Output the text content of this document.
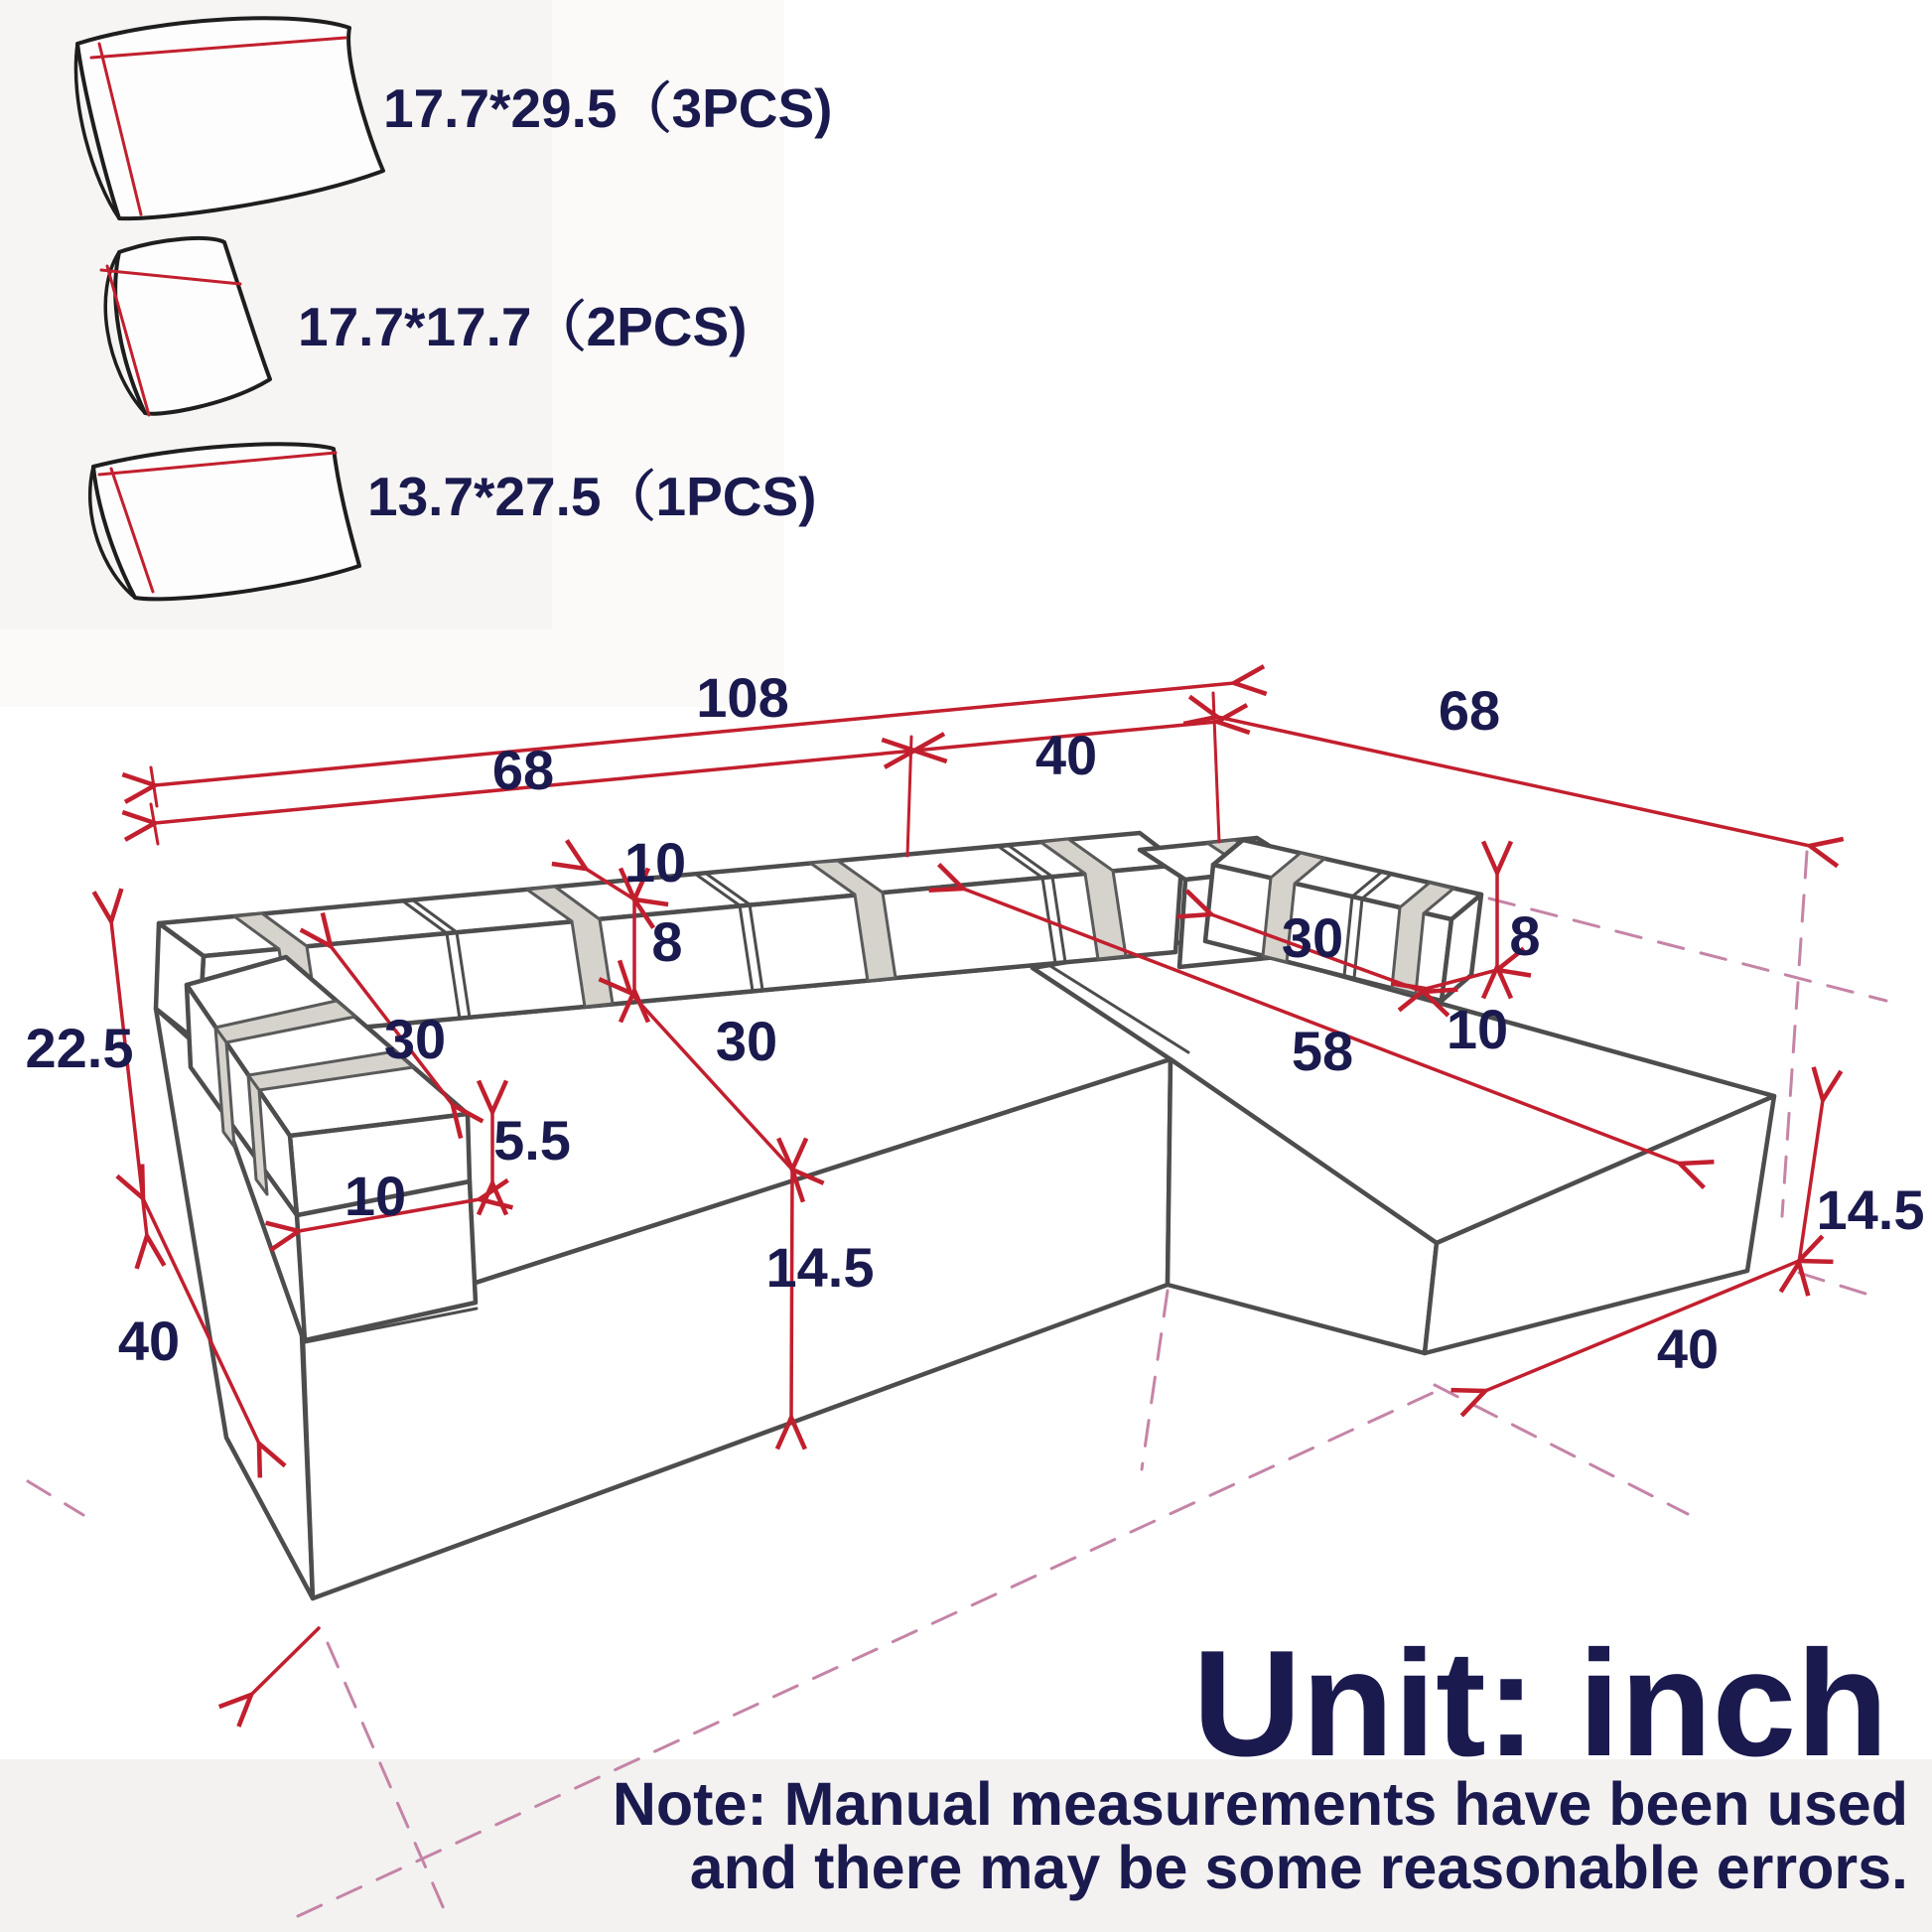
108
68	40
68
10
8
30	30
14.5
5.5
10
22.5
40
30	8
10
58
14.5
40
17.7*29.5（3PCS)
17.7*17.7（2PCS)
13.7*27.5（1PCS)
Unit: inch
Note: Manual measurements have been used
and there may be some reasonable errors.
